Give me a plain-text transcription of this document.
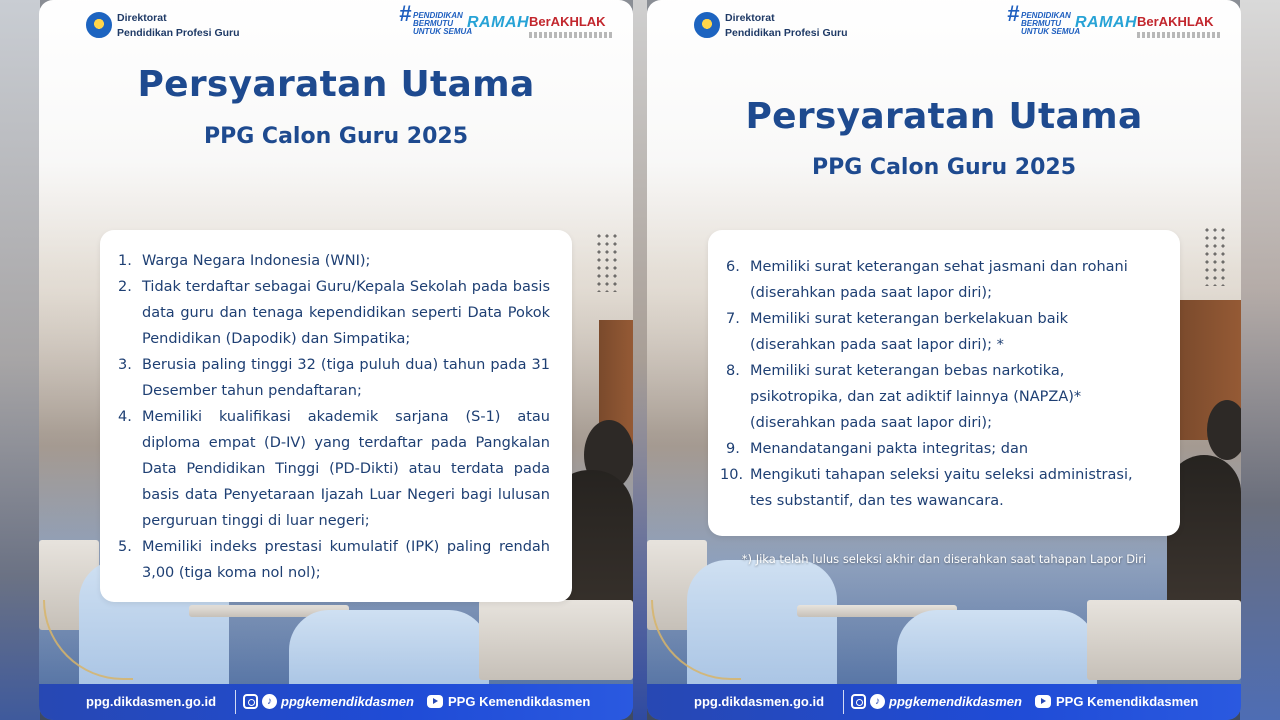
Direktorat
Pendidikan Profesi Guru
# PENDIDIKAN
BERMUTU
UNTUK SEMUA
RAMAH BerAKHLAK
Persyaratan Utama
PPG Calon Guru 2025
1. Warga Negara Indonesia (WNI);
2. Tidak terdaftar sebagai Guru/Kepala Sekolah pada basis data guru dan tenaga kependidikan seperti Data Pokok Pendidikan (Dapodik) dan Simpatika;
3. Berusia paling tinggi 32 (tiga puluh dua) tahun pada 31 Desember tahun pendaftaran;
4. Memiliki kualifikasi akademik sarjana (S-1) atau diploma empat (D-IV) yang terdaftar pada Pangkalan Data Pendidikan Tinggi (PD-Dikti) atau terdata pada basis data Penyetaraan Ijazah Luar Negeri bagi lulusan perguruan tinggi di luar negeri;
5. Memiliki indeks prestasi kumulatif (IPK) paling rendah 3,00 (tiga koma nol nol);
ppg.dikdasmen.go.id	♪ ppgkemendikdasmen	PPG Kemendikdasmen
Direktorat
Pendidikan Profesi Guru
# PENDIDIKAN
BERMUTU
UNTUK SEMUA
RAMAH BerAKHLAK
Persyaratan Utama
PPG Calon Guru 2025
6. Memiliki surat keterangan sehat jasmani dan rohani (diserahkan pada saat lapor diri);
7. Memiliki surat keterangan berkelakuan baik (diserahkan pada saat lapor diri); *
8. Memiliki surat keterangan bebas narkotika, psikotropika, dan zat adiktif lainnya (NAPZA)* (diserahkan pada saat lapor diri);
9. Menandatangani pakta integritas; dan
10. Mengikuti tahapan seleksi yaitu seleksi administrasi, tes substantif, dan tes wawancara.
*) Jika telah lulus seleksi akhir dan diserahkan saat tahapan Lapor Diri
ppg.dikdasmen.go.id	♪ ppgkemendikdasmen	PPG Kemendikdasmen
